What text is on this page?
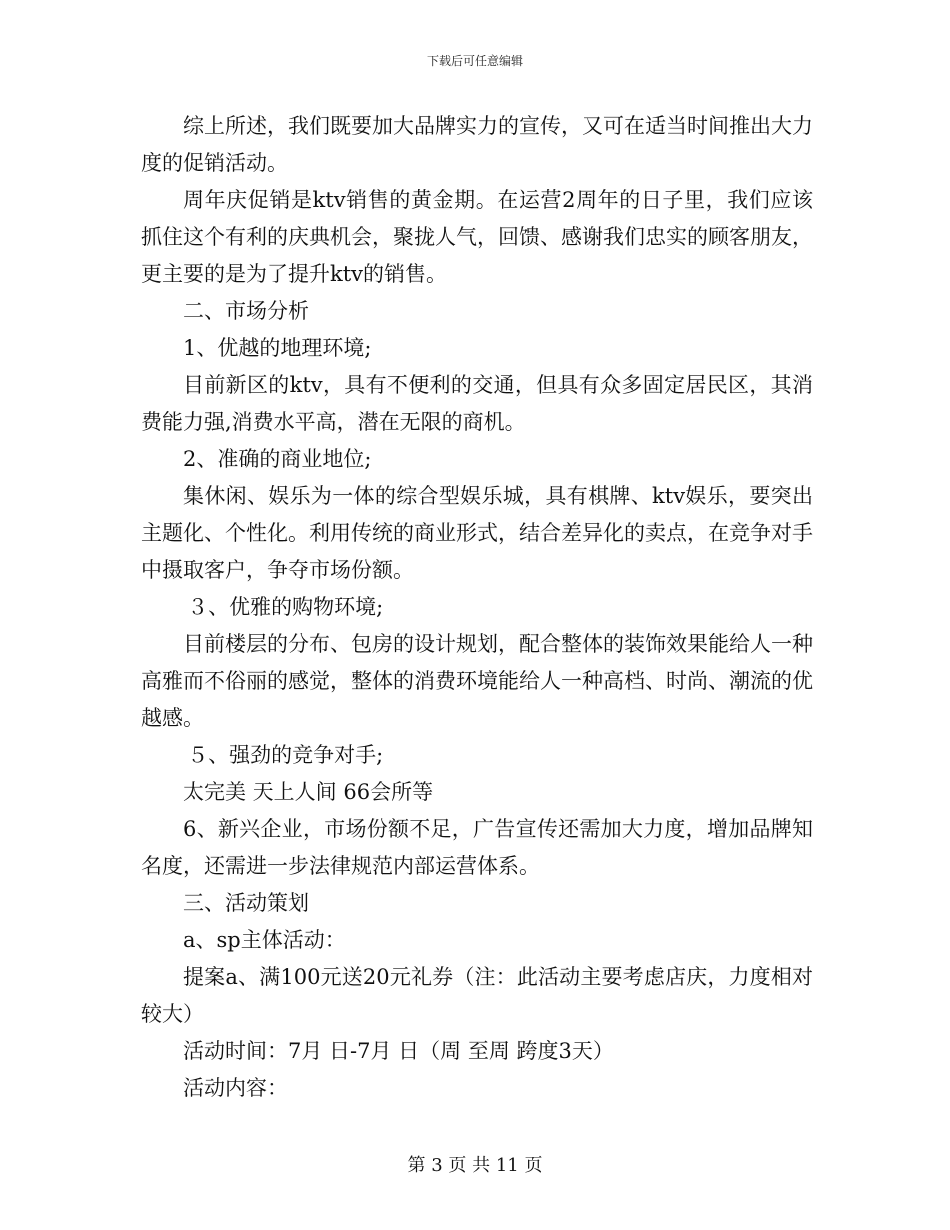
下载后可任意编辑

综上所述，我们既要加大品牌实力的宣传，又可在适当时间推出大力度的促销活动。

周年庆促销是ktv销售的黄金期。在运营2周年的日子里，我们应该抓住这个有利的庆典机会，聚拢人气，回馈、感谢我们忠实的顾客朋友，更主要的是为了提升ktv的销售。

二、市场分析

1、优越的地理环境;

目前新区的ktv，具有不便利的交通，但具有众多固定居民区，其消费能力强,消费水平高，潜在无限的商机。

2、准确的商业地位;

集休闲、娱乐为一体的综合型娱乐城，具有棋牌、ktv娱乐，要突出主题化、个性化。利用传统的商业形式，结合差异化的卖点，在竞争对手中摄取客户，争夺市场份额。

３、优雅的购物环境;

目前楼层的分布、包房的设计规划，配合整体的装饰效果能给人一种高雅而不俗丽的感觉，整体的消费环境能给人一种高档、时尚、潮流的优越感。

５、强劲的竞争对手;

太完美 天上人间 66会所等

6、新兴企业，市场份额不足，广告宣传还需加大力度，增加品牌知名度，还需进一步法律规范内部运营体系。

三、活动策划

a、sp主体活动：

提案a、满100元送20元礼券（注：此活动主要考虑店庆，力度相对较大）

活动时间：7月 日-7月 日（周 至周 跨度3天）

活动内容：

第 3 页 共 11 页
